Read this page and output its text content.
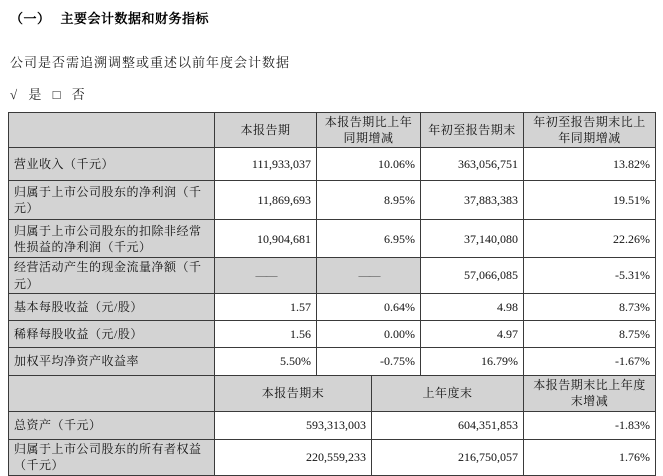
（一）  主要会计数据和财务指标
公司是否需追溯调整或重述以前年度会计数据
√ 是 □ 否
	本报告期	本报告期比上年同期增减	年初至报告期末	年初至报告期末比上年同期增减
营业收入（千元）	111,933,037	10.06%	363,056,751	13.82%
归属于上市公司股东的净利润（千元）	11,869,693	8.95%	37,883,383	19.51%
归属于上市公司股东的扣除非经常性损益的净利润（千元）	10,904,681	6.95%	37,140,080	22.26%
经营活动产生的现金流量净额（千元）	——	——	57,066,085	-5.31%
基本每股收益（元/股）	1.57	0.64%	4.98	8.73%
稀释每股收益（元/股）	1.56	0.00%	4.97	8.75%
加权平均净资产收益率	5.50%	-0.75%	16.79%	-1.67%
	本报告期末	上年度末	本报告期末比上年度末增减
总资产（千元）	593,313,003	604,351,853	-1.83%
归属于上市公司股东的所有者权益（千元）	220,559,233	216,750,057	1.76%
